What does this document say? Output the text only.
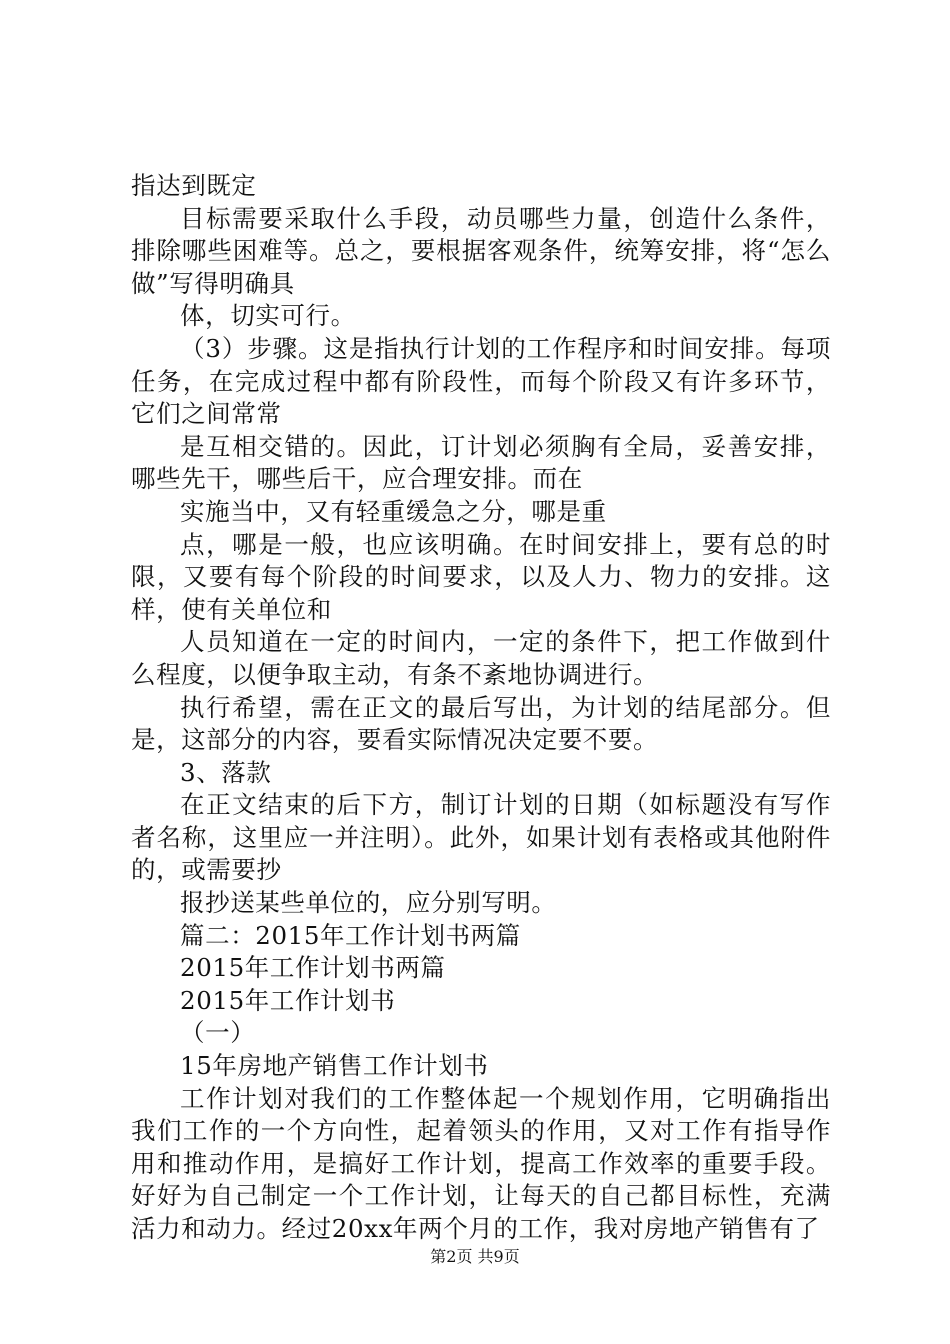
指达到既定

目标需要采取什么手段，动员哪些力量，创造什么条件，排除哪些困难等。总之，要根据客观条件，统筹安排，将“怎么做”写得明确具

体，切实可行。

（3）步骤。这是指执行计划的工作程序和时间安排。每项任务，在完成过程中都有阶段性，而每个阶段又有许多环节，它们之间常常

是互相交错的。因此，订计划必须胸有全局，妥善安排，哪些先干，哪些后干，应合理安排。而在

实施当中，又有轻重缓急之分，哪是重

点，哪是一般，也应该明确。在时间安排上，要有总的时限，又要有每个阶段的时间要求，以及人力、物力的安排。这样，使有关单位和

人员知道在一定的时间内，一定的条件下，把工作做到什么程度，以便争取主动，有条不紊地协调进行。

执行希望，需在正文的最后写出，为计划的结尾部分。但是，这部分的内容，要看实际情况决定要不要。

3、落款

在正文结束的后下方，制订计划的日期（如标题没有写作者名称，这里应一并注明）。此外，如果计划有表格或其他附件的，或需要抄

报抄送某些单位的，应分别写明。

篇二：2015年工作计划书两篇

2015年工作计划书两篇

2015年工作计划书

（一）

15年房地产销售工作计划书

工作计划对我们的工作整体起一个规划作用，它明确指出我们工作的一个方向性，起着领头的作用，又对工作有指导作用和推动作用，是搞好工作计划，提高工作效率的重要手段。好好为自己制定一个工作计划，让每天的自己都目标性，充满活力和动力。经过20xx年两个月的工作，我对房地产销售有了

第2页 共9页
